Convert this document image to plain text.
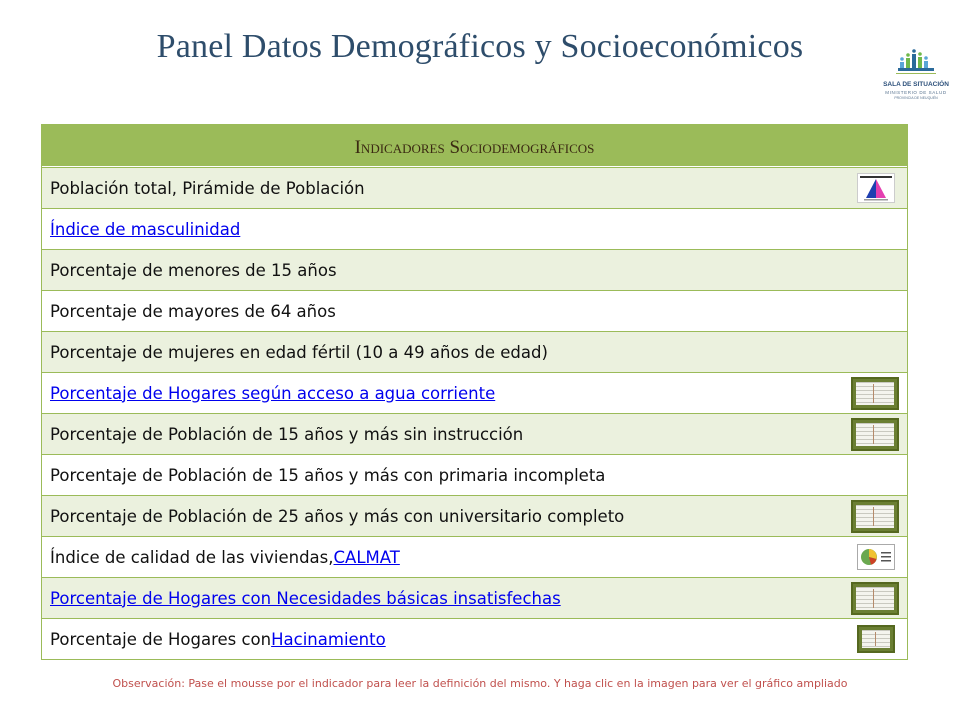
Panel Datos Demográficos y Socioeconómicos
SALA DE SITUACIÓN
MINISTERIO DE SALUD
PROVINCIA DE NEUQUÉN
Indicadores Sociodemográficos
Población total, Pirámide de Población
Índice de masculinidad
Porcentaje de menores de 15 años
Porcentaje de mayores de 64 años
Porcentaje de mujeres en edad fértil (10 a 49 años de edad)
Porcentaje de Hogares según acceso a agua corriente
Porcentaje de Población de 15 años y más sin instrucción
Porcentaje de Población de 15 años y más con primaria incompleta
Porcentaje de Población de 25 años y más con universitario completo
Índice de calidad de las viviendas, CALMAT
Porcentaje de Hogares con Necesidades básicas insatisfechas
Porcentaje de Hogares con Hacinamiento
Observación: Pase el mousse por el indicador para leer la definición del mismo. Y haga clic en la imagen para ver el gráfico ampliado
